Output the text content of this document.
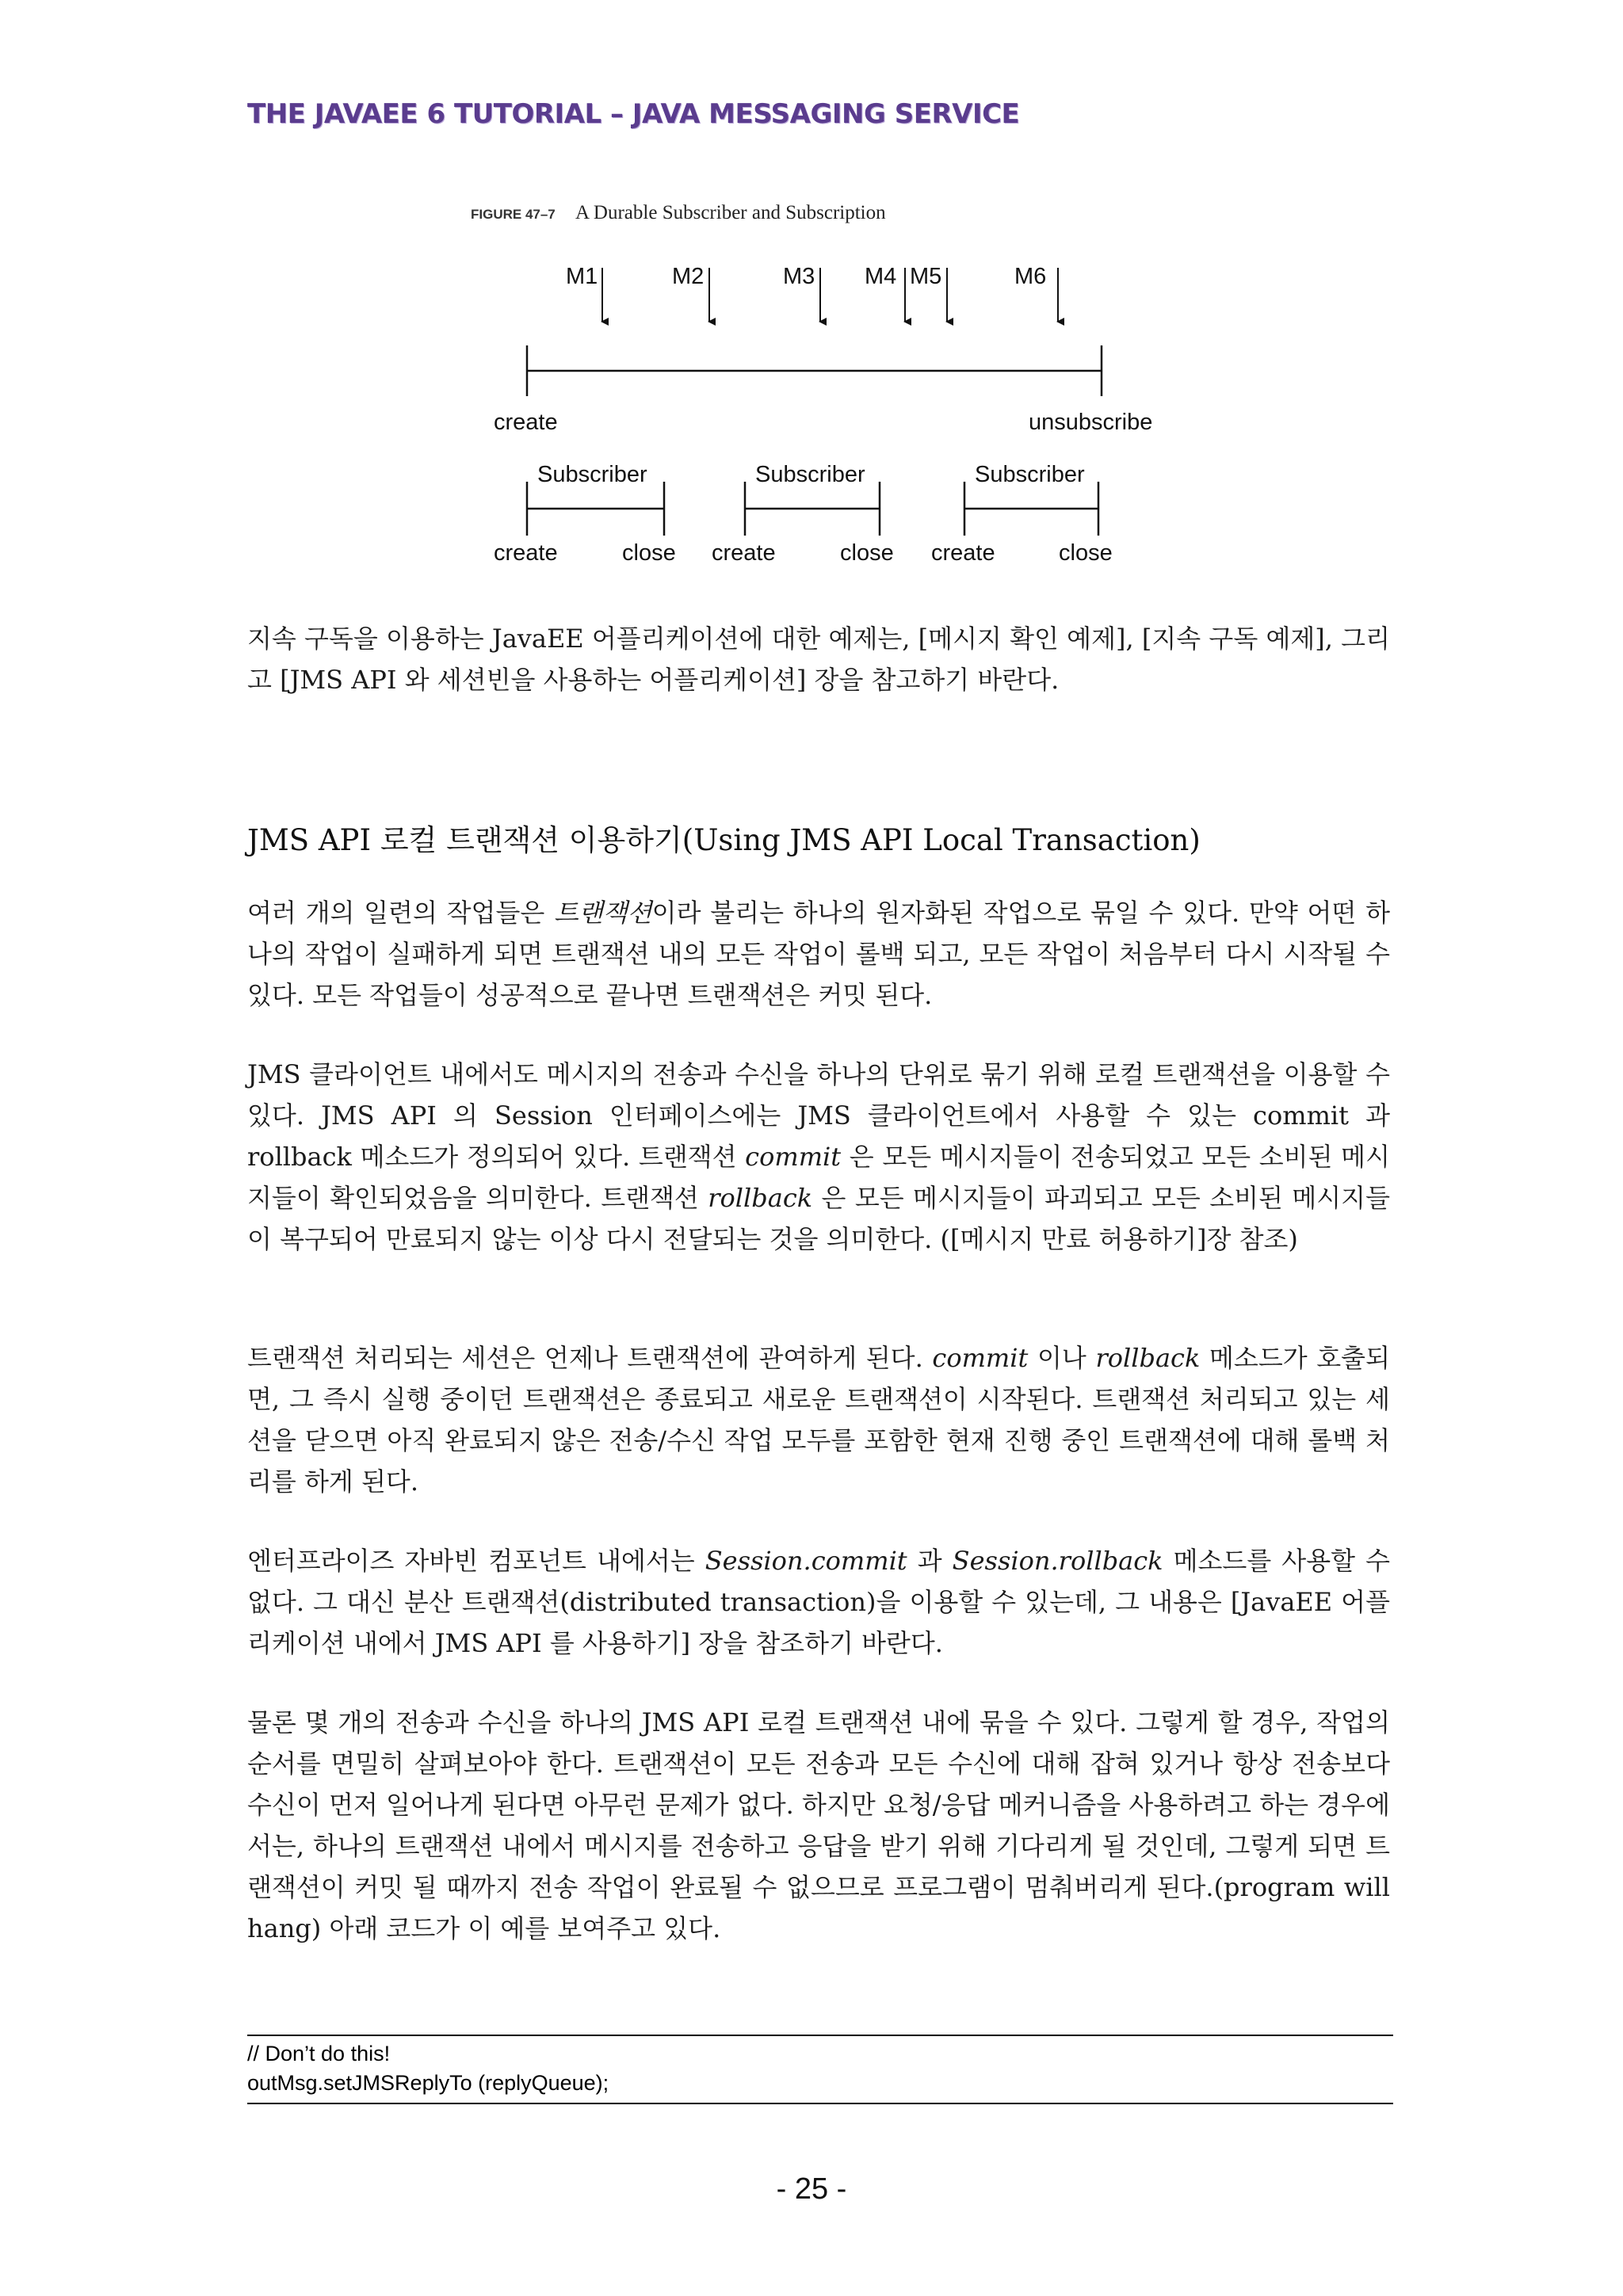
THE JAVAEE 6 TUTORIAL – JAVA MESSAGING SERVICE
FIGURE 47–7 A Durable Subscriber and Subscription
M1	M2	M3 M4 M5	M6
create	unsubscribe
Subscriber
create	close
Subscriber
create	close
Subscriber
create	close

지속 구독을 이용하는 JavaEE 어플리케이션에 대한 예제는, [메시지 확인 예제], [지속 구독 예제], 그리고 [JMS API 와 세션빈을 사용하는 어플리케이션] 장을 참고하기 바란다.

JMS API 로컬 트랜잭션 이용하기(Using JMS API Local Transaction)

여러 개의 일련의 작업들은 트랜잭션이라 불리는 하나의 원자화된 작업으로 묶일 수 있다. 만약 어떤 하나의 작업이 실패하게 되면 트랜잭션 내의 모든 작업이 롤백 되고, 모든 작업이 처음부터 다시 시작될 수 있다. 모든 작업들이 성공적으로 끝나면 트랜잭션은 커밋 된다.

JMS 클라이언트 내에서도 메시지의 전송과 수신을 하나의 단위로 묶기 위해 로컬 트랜잭션을 이용할 수 있다. JMS API 의 Session 인터페이스에는 JMS 클라이언트에서 사용할 수 있는 commit 과 rollback 메소드가 정의되어 있다. 트랜잭션 commit 은 모든 메시지들이 전송되었고 모든 소비된 메시지들이 확인되었음을 의미한다. 트랜잭션 rollback 은 모든 메시지들이 파괴되고 모든 소비된 메시지들이 복구되어 만료되지 않는 이상 다시 전달되는 것을 의미한다. ([메시지 만료 허용하기]장 참조)

트랜잭션 처리되는 세션은 언제나 트랜잭션에 관여하게 된다. commit 이나 rollback 메소드가 호출되면, 그 즉시 실행 중이던 트랜잭션은 종료되고 새로운 트랜잭션이 시작된다. 트랜잭션 처리되고 있는 세션을 닫으면 아직 완료되지 않은 전송/수신 작업 모두를 포함한 현재 진행 중인 트랜잭션에 대해 롤백 처리를 하게 된다.

엔터프라이즈 자바빈 컴포넌트 내에서는 Session.commit 과 Session.rollback 메소드를 사용할 수 없다. 그 대신 분산 트랜잭션(distributed transaction)을 이용할 수 있는데, 그 내용은 [JavaEE 어플리케이션 내에서 JMS API 를 사용하기] 장을 참조하기 바란다.

물론 몇 개의 전송과 수신을 하나의 JMS API 로컬 트랜잭션 내에 묶을 수 있다. 그렇게 할 경우, 작업의 순서를 면밀히 살펴보아야 한다. 트랜잭션이 모든 전송과 모든 수신에 대해 잡혀 있거나 항상 전송보다 수신이 먼저 일어나게 된다면 아무런 문제가 없다. 하지만 요청/응답 메커니즘을 사용하려고 하는 경우에서는, 하나의 트랜잭션 내에서 메시지를 전송하고 응답을 받기 위해 기다리게 될 것인데, 그렇게 되면 트랜잭션이 커밋 될 때까지 전송 작업이 완료될 수 없으므로 프로그램이 멈춰버리게 된다.(program will hang) 아래 코드가 이 예를 보여주고 있다.

// Don’t do this!
outMsg.setJMSReplyTo (replyQueue);
- 25 -
